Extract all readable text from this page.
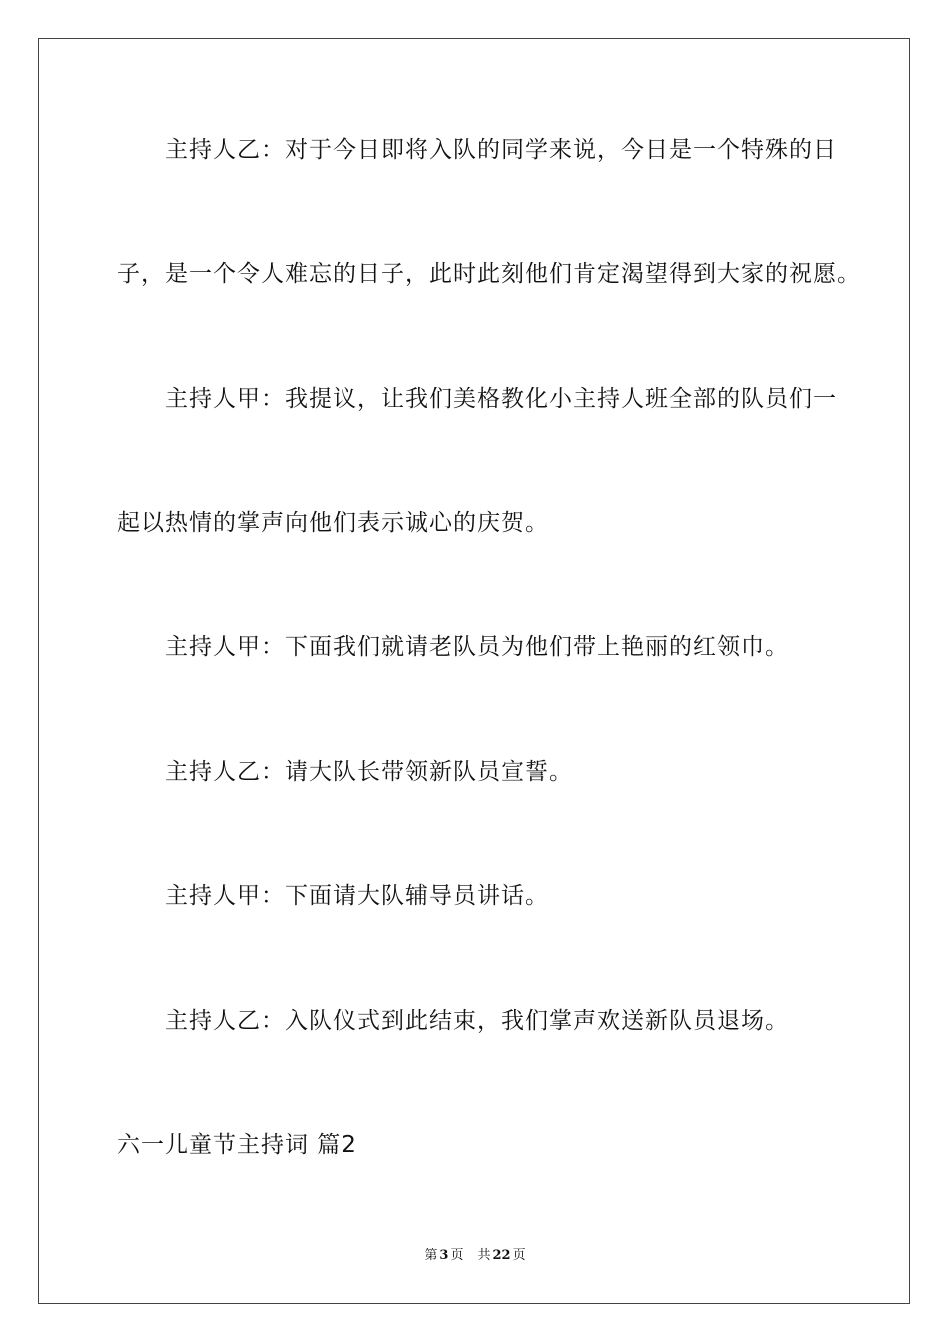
主持人乙：对于今日即将入队的同学来说，今日是一个特殊的日
子，是一个令人难忘的日子，此时此刻他们肯定渴望得到大家的祝愿。
主持人甲：我提议，让我们美格教化小主持人班全部的队员们一
起以热情的掌声向他们表示诚心的庆贺。
主持人甲：下面我们就请老队员为他们带上艳丽的红领巾。
主持人乙：请大队长带领新队员宣誓。
主持人甲：下面请大队辅导员讲话。
主持人乙：入队仪式到此结束，我们掌声欢送新队员退场。
六一儿童节主持词 篇2
第 3 页 共 22 页
